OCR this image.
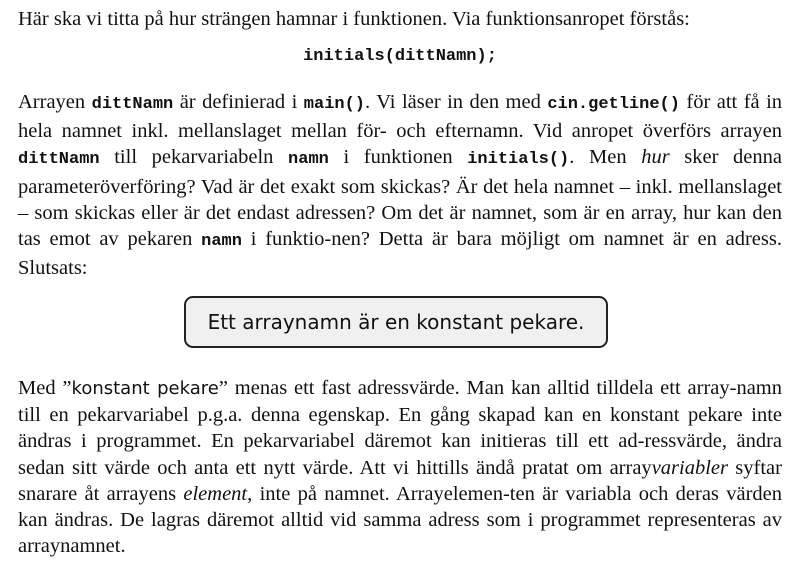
Här ska vi titta på hur strängen hamnar i funktionen. Via funktionsanropet förstås:

initials(dittNamn);

Arrayen dittNamn är definierad i main(). Vi läser in den med cin.getline() för att få in hela namnet inkl. mellanslaget mellan för- och efternamn. Vid anropet överförs arrayen dittNamn till pekarvariabeln namn i funktionen initials(). Men hur sker denna parameteröverföring? Vad är det exakt som skickas? Är det hela namnet – inkl. mellanslaget – som skickas eller är det endast adressen? Om det är namnet, som är en array, hur kan den tas emot av pekaren namn i funktio-nen? Detta är bara möjligt om namnet är en adress. Slutsats:

Med ”konstant pekare” menas ett fast adressvärde. Man kan alltid tilldela ett array-namn till en pekarvariabel p.g.a. denna egenskap. En gång skapad kan en konstant pekare inte ändras i programmet. En pekarvariabel däremot kan initieras till ett ad-ressvärde, ändra sedan sitt värde och anta ett nytt värde. Att vi hittills ändå pratat om arrayvariabler syftar snarare åt arrayens element, inte på namnet. Arrayelemen-ten är variabla och deras värden kan ändras. De lagras däremot alltid vid samma adress som i programmet representeras av arraynamnet.

Ett arraynamn är en konstant pekare.
